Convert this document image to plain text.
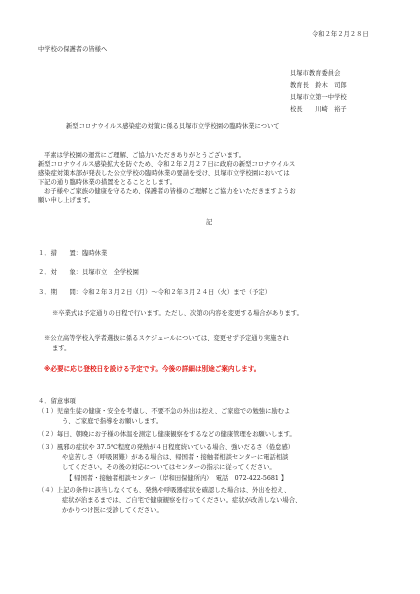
令和２年２月２８日
中学校の保護者の皆様へ
貝塚市教育委員会
教育長　鈴木　司郎
貝塚市立第一中学校
校長　　川崎　裕子
新型コロナウイルス感染症の対策に係る貝塚市立学校園の臨時休業について
平素は学校園の運営にご理解、ご協力いただきありがとうございます。
新型コロナウイルス感染拡大を防ぐため、令和２年２月２７日に政府の新型コロナウイルス
感染症対策本部が発表した公立学校の臨時休業の要請を受け、貝塚市立学校園においては
下記の通り臨時休業の措置をとることとします。
お子様やご家族の健康を守るため、保護者の皆様のご理解とご協力をいただきますようお
願い申し上げます。
記
１．措　　置：臨時休業
２．対　　象：貝塚市立　全学校園
３．期　　間：令和２年３月２日（月）〜令和２年３月２４日（火）まで（予定）
※卒業式は予定通りの日程で行います。ただし、次第の内容を変更する場合があります。
※公立高等学校入学者選抜に係るスケジュールについては、変更せず予定通り実施され
ます。
※必要に応じ登校日を設ける予定です。今後の詳細は別途ご案内します。
４．留意事項
（１）児童生徒の健康・安全を考慮し、不要不急の外出は控え、ご家庭での勉強に励むよ
う、ご家庭で指導をお願いします。
（２）毎日、朝晩にお子様の体温を測定し健康観察をするなどの健康管理をお願いします。
（３）風邪の症状や 37.5℃程度の発熱が４日程度続いている場合、強いだるさ（倦怠感）
や息苦しさ（呼吸困難）がある場合は、帰国者・接触者相談センターに電話相談
してください。その後の対応についてはセンターの指示に従ってください。
【 帰国者・接触者相談センター（岸和田保健所内）　電話　072-422-5681 】
（４）上記の条件に該当しなくても、発熱や呼吸器症状を確認した場合は、外出を控え、
症状が治まるまでは、ご自宅で健康観察を行ってください。症状が改善しない場合、
かかりつけ医に受診してください。
